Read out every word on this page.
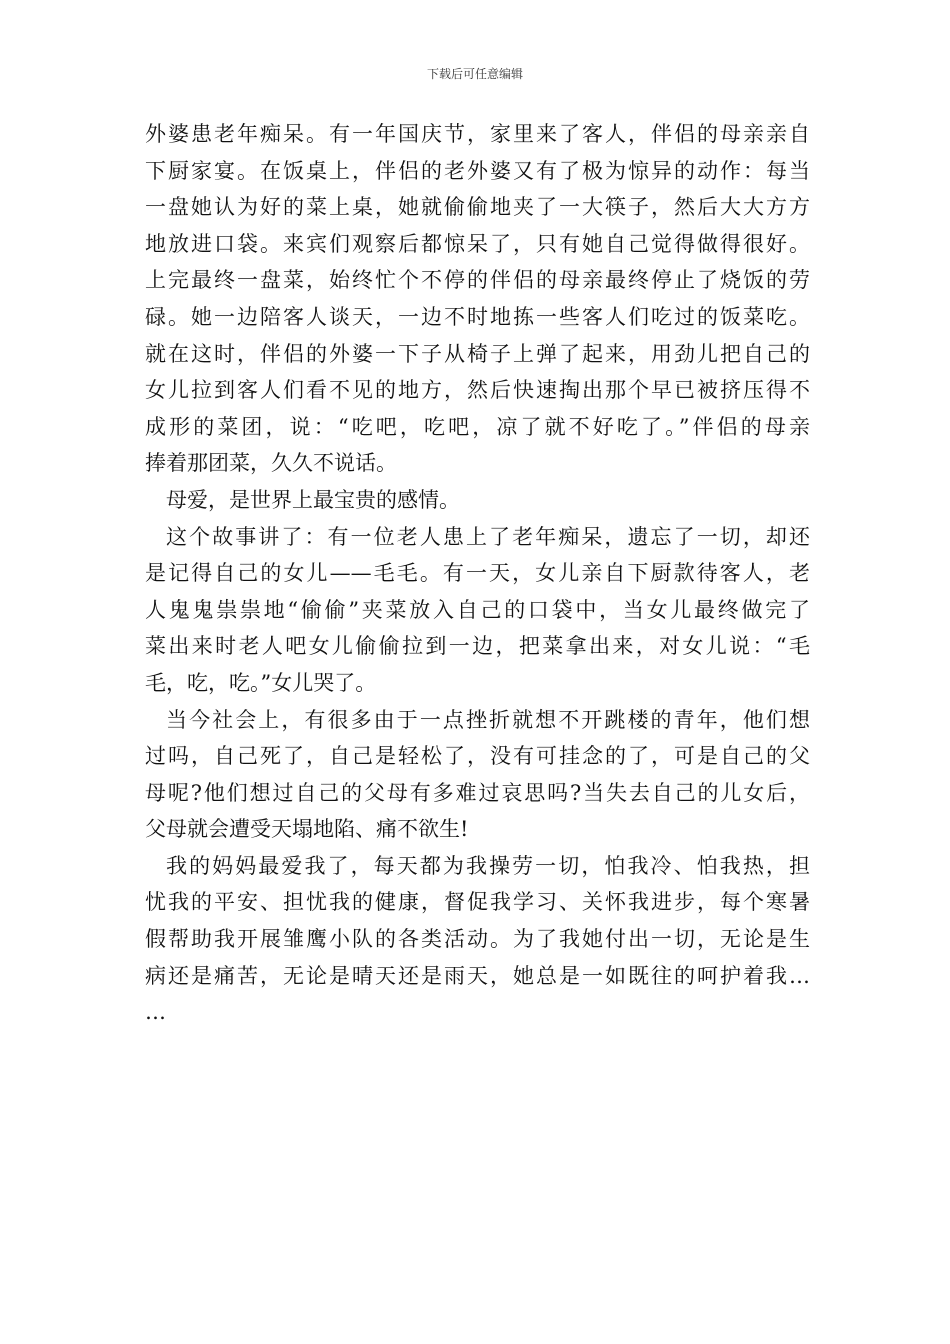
下载后可任意编辑
外婆患老年痴呆。有一年国庆节，家里来了客人，伴侣的母亲亲自
下厨家宴。在饭桌上，伴侣的老外婆又有了极为惊异的动作：每当
一盘她认为好的菜上桌，她就偷偷地夹了一大筷子，然后大大方方
地放进口袋。来宾们观察后都惊呆了，只有她自己觉得做得很好。
上完最终一盘菜，始终忙个不停的伴侣的母亲最终停止了烧饭的劳
碌。她一边陪客人谈天，一边不时地拣一些客人们吃过的饭菜吃。
就在这时，伴侣的外婆一下子从椅子上弹了起来，用劲儿把自己的
女儿拉到客人们看不见的地方，然后快速掏出那个早已被挤压得不
成形的菜团，说：“吃吧，吃吧，凉了就不好吃了。”伴侣的母亲
捧着那团菜，久久不说话。
母爱，是世界上最宝贵的感情。
这个故事讲了：有一位老人患上了老年痴呆，遗忘了一切，却还
是记得自己的女儿——毛毛。有一天，女儿亲自下厨款待客人，老
人鬼鬼祟祟地“偷偷”夹菜放入自己的口袋中，当女儿最终做完了
菜出来时老人吧女儿偷偷拉到一边，把菜拿出来，对女儿说：“毛
毛，吃，吃。”女儿哭了。
当今社会上，有很多由于一点挫折就想不开跳楼的青年，他们想
过吗，自己死了，自己是轻松了，没有可挂念的了，可是自己的父
母呢?他们想过自己的父母有多难过哀思吗?当失去自己的儿女后，
父母就会遭受天塌地陷、痛不欲生!
我的妈妈最爱我了，每天都为我操劳一切，怕我冷、怕我热，担
忧我的平安、担忧我的健康，督促我学习、关怀我进步，每个寒暑
假帮助我开展雏鹰小队的各类活动。为了我她付出一切，无论是生
病还是痛苦，无论是晴天还是雨天，她总是一如既往的呵护着我…
…
